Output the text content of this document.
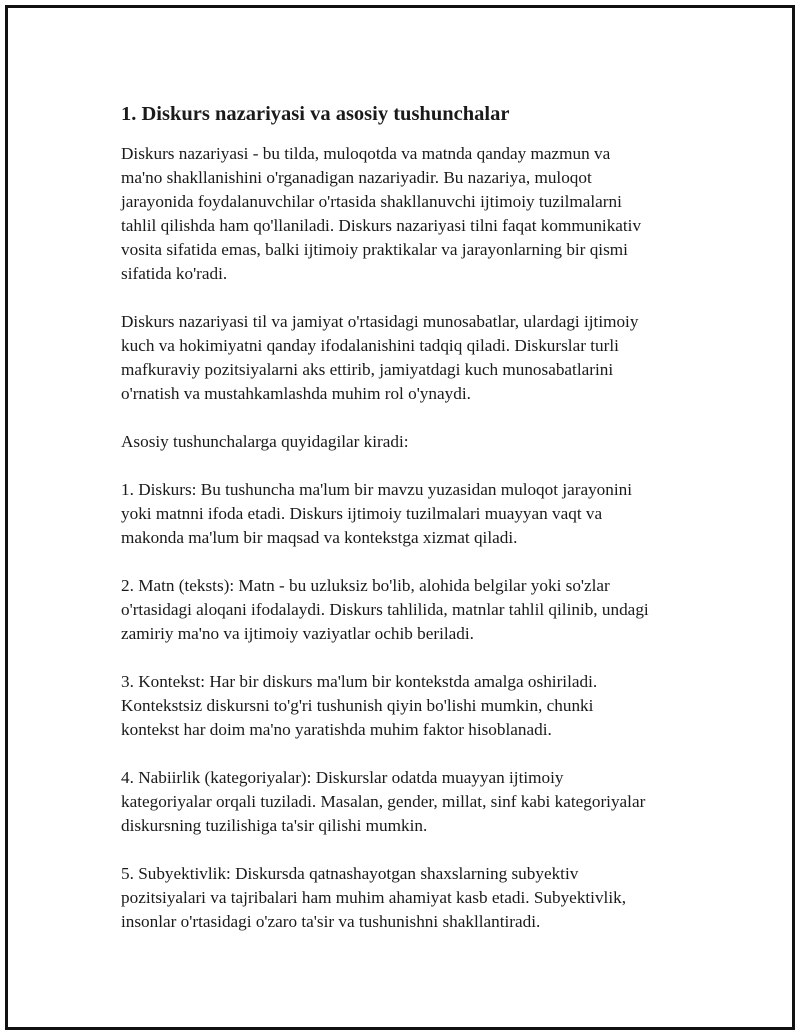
1. Diskurs nazariyasi va asosiy tushunchalar
Diskurs nazariyasi - bu tilda, muloqotda va matnda qanday mazmun va
ma'no shakllanishini o'rganadigan nazariyadir. Bu nazariya, muloqot
jarayonida foydalanuvchilar o'rtasida shakllanuvchi ijtimoiy tuzilmalarni
tahlil qilishda ham qo'llaniladi. Diskurs nazariyasi tilni faqat kommunikativ
vosita sifatida emas, balki ijtimoiy praktikalar va jarayonlarning bir qismi
sifatida ko'radi.
Diskurs nazariyasi til va jamiyat o'rtasidagi munosabatlar, ulardagi ijtimoiy
kuch va hokimiyatni qanday ifodalanishini tadqiq qiladi. Diskurslar turli
mafkuraviy pozitsiyalarni aks ettirib, jamiyatdagi kuch munosabatlarini
o'rnatish va mustahkamlashda muhim rol o'ynaydi.
Asosiy tushunchalarga quyidagilar kiradi:
1. Diskurs: Bu tushuncha ma'lum bir mavzu yuzasidan muloqot jarayonini
yoki matnni ifoda etadi. Diskurs ijtimoiy tuzilmalari muayyan vaqt va
makonda ma'lum bir maqsad va kontekstga xizmat qiladi.
2. Matn (teksts): Matn - bu uzluksiz bo'lib, alohida belgilar yoki so'zlar
o'rtasidagi aloqani ifodalaydi. Diskurs tahlilida, matnlar tahlil qilinib, undagi
zamiriy ma'no va ijtimoiy vaziyatlar ochib beriladi.
3. Kontekst: Har bir diskurs ma'lum bir kontekstda amalga oshiriladi.
Kontekstsiz diskursni to'g'ri tushunish qiyin bo'lishi mumkin, chunki
kontekst har doim ma'no yaratishda muhim faktor hisoblanadi.
4. Nabiirlik (kategoriyalar): Diskurslar odatda muayyan ijtimoiy
kategoriyalar orqali tuziladi. Masalan, gender, millat, sinf kabi kategoriyalar
diskursning tuzilishiga ta'sir qilishi mumkin.
5. Subyektivlik: Diskursda qatnashayotgan shaxslarning subyektiv
pozitsiyalari va tajribalari ham muhim ahamiyat kasb etadi. Subyektivlik,
insonlar o'rtasidagi o'zaro ta'sir va tushunishni shakllantiradi.
